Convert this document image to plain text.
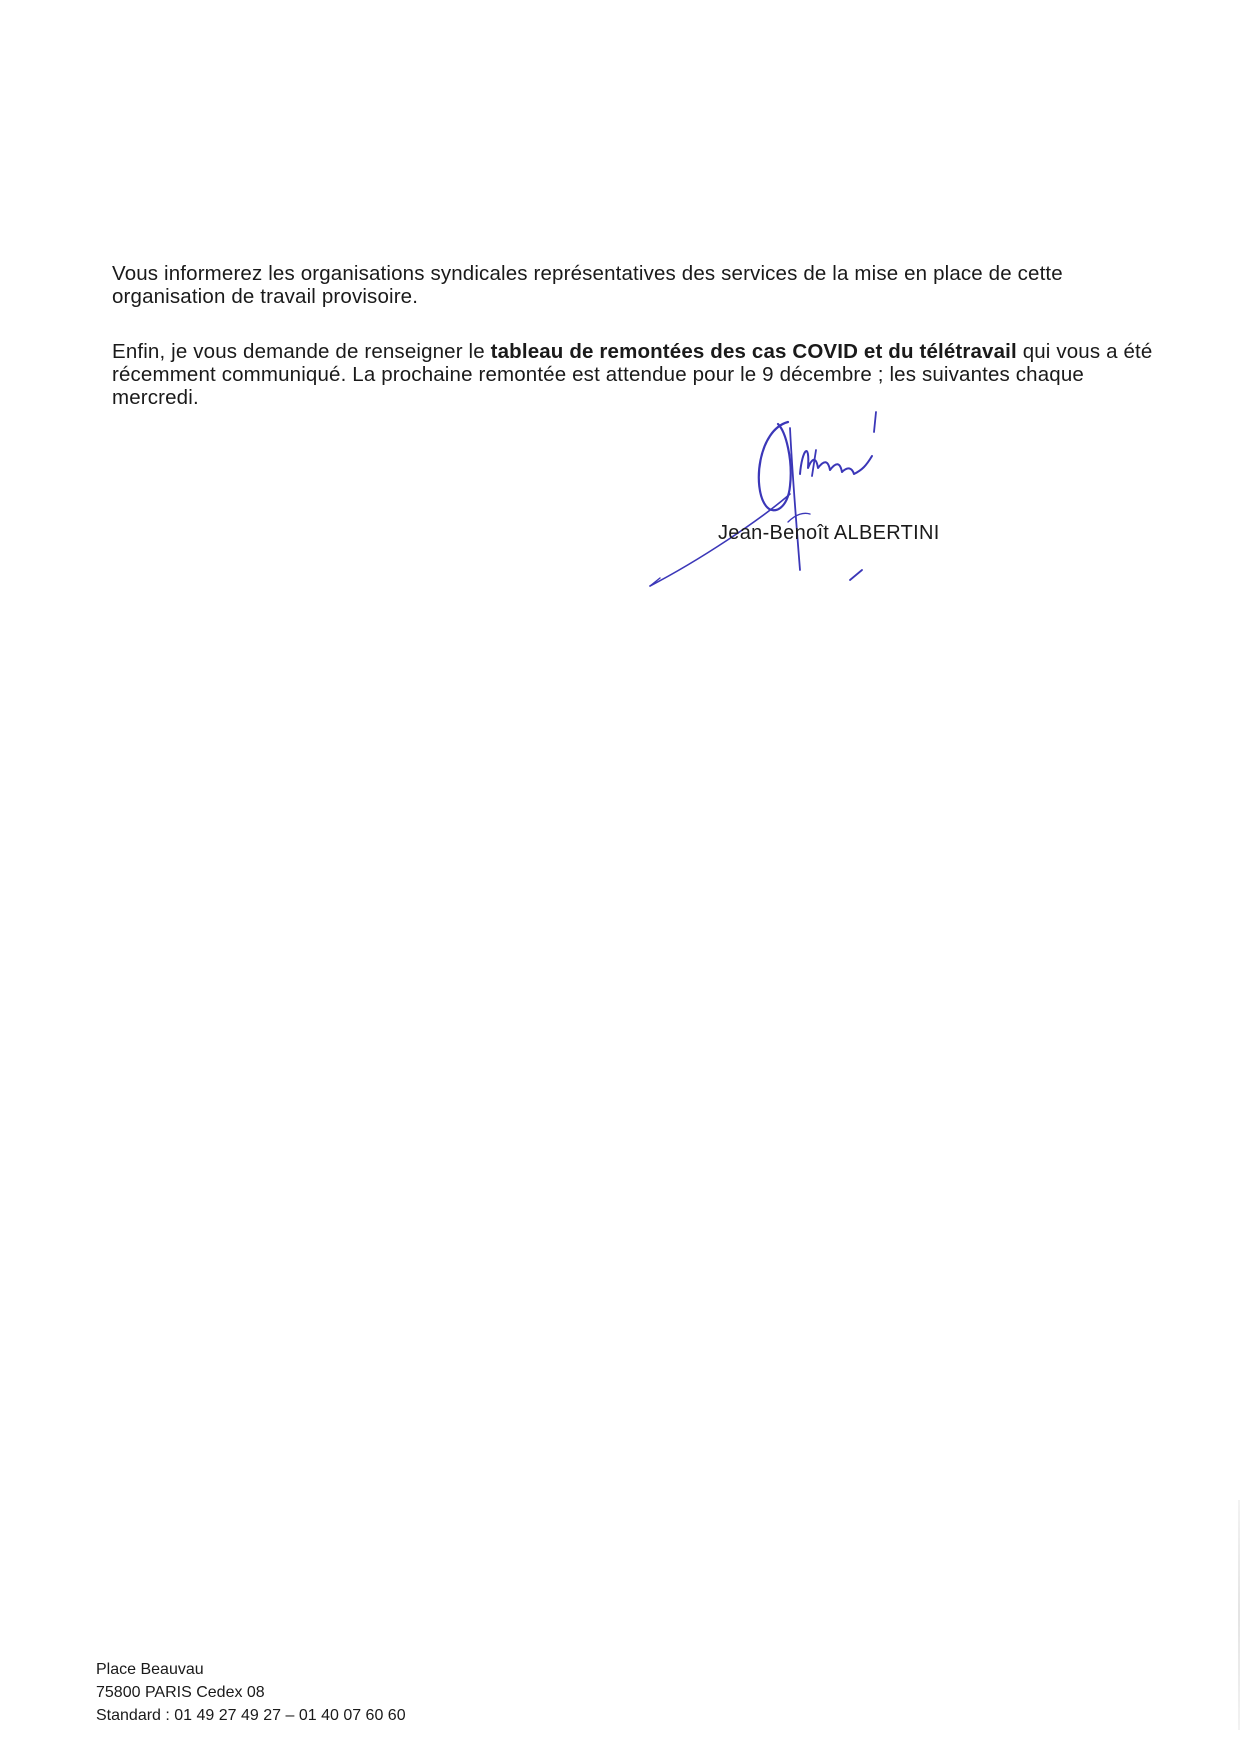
Vous informerez les organisations syndicales représentatives des services de la mise en place de cette organisation de travail provisoire.

Enfin, je vous demande de renseigner le tableau de remontées des cas COVID et du télétravail qui vous a été récemment communiqué. La prochaine remontée est attendue pour le 9 décembre ; les suivantes chaque mercredi.

Jean-Benoît ALBERTINI
Place Beauvau
75800 PARIS Cedex 08
Standard : 01 49 27 49 27 – 01 40 07 60 60
